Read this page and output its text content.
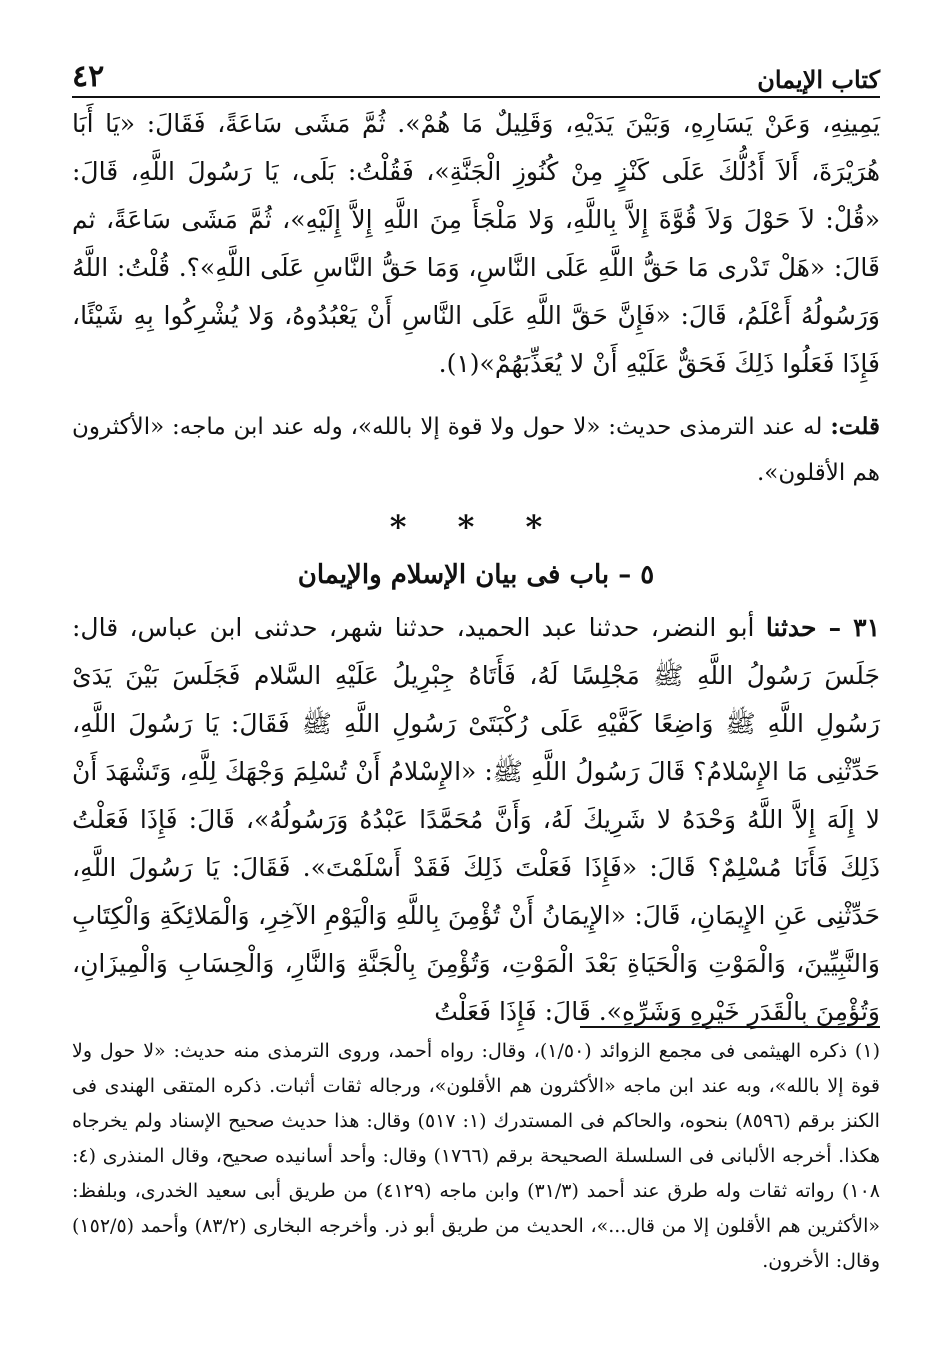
كتاب الإيمان
٤٢
يَمِينِهِ، وَعَنْ يَسَارِهِ، وَبَيْنَ يَدَيْهِ، وَقَلِيلٌ مَا هُمْ». ثُمَّ مَشَى سَاعَةً، فَقَالَ: «يَا أَبَا هُرَيْرَةَ، أَلاَ أَدُلُّكَ عَلَى كَنْزٍ مِنْ كُنُوزِ الْجَنَّةِ»، فَقُلْتُ: بَلَى، يَا رَسُولَ اللَّهِ، قَالَ: «قُلْ: لاَ حَوْلَ وَلاَ قُوَّةَ إِلاَّ بِاللَّهِ، وَلا مَلْجَأَ مِنَ اللَّهِ إِلاَّ إِلَيْهِ»، ثُمَّ مَشَى سَاعَةً، ثم قَالَ: «هَلْ تَدْرى مَا حَقُّ اللَّهِ عَلَى النَّاسِ، وَمَا حَقُّ النَّاسِ عَلَى اللَّهِ»؟. قُلْتُ: اللَّهُ وَرَسُولُهُ أَعْلَمُ، قَالَ: «فَإِنَّ حَقَّ اللَّهِ عَلَى النَّاسِ أَنْ يَعْبُدُوهُ، وَلا يُشْرِكُوا بِهِ شَيْئًا، فَإِذَا فَعَلُوا ذَلِكَ فَحَقٌّ عَلَيْهِ أَنْ لا يُعَذِّبَهُمْ»(١).
قلت: له عند الترمذى حديث: «لا حول ولا قوة إلا بالله»، وله عند ابن ماجه: «الأكثرون هم الأقلون».
* * *
٥ – باب فى بيان الإسلام والإيمان
٣١ – حدثنا أبو النضر، حدثنا عبد الحميد، حدثنا شهر، حدثنى ابن عباس، قال: جَلَسَ رَسُولُ اللَّهِ ﷺ مَجْلِسًا لَهُ، فَأَتَاهُ جِبْرِيلُ عَلَيْهِ السَّلام فَجَلَسَ بَيْنَ يَدَىْ رَسُولِ اللَّهِ ﷺ وَاضِعًا كَفَّيْهِ عَلَى رُكْبَتَىْ رَسُولِ اللَّهِ ﷺ فَقَالَ: يَا رَسُولَ اللَّهِ، حَدِّثْنِى مَا الإِسْلامُ؟ قَالَ رَسُولُ اللَّهِ ﷺ: «الإِسْلامُ أَنْ تُسْلِمَ وَجْهَكَ لِلَّهِ، وَتَشْهَدَ أَنْ لا إِلَهَ إِلاَّ اللَّهُ وَحْدَهُ لا شَرِيكَ لَهُ، وَأَنَّ مُحَمَّدًا عَبْدُهُ وَرَسُولُهُ»، قَالَ: فَإِذَا فَعَلْتُ ذَلِكَ فَأَنَا مُسْلِمٌ؟ قَالَ: «فَإِذَا فَعَلْتَ ذَلِكَ فَقَدْ أَسْلَمْتَ». فَقَالَ: يَا رَسُولَ اللَّهِ، حَدِّثْنِى عَنِ الإِيمَانِ، قَالَ: «الإِيمَانُ أَنْ تُؤْمِنَ بِاللَّهِ وَالْيَوْمِ الآخِرِ، وَالْمَلائِكَةِ وَالْكِتَابِ وَالنَّبِيِّينَ، وَالْمَوْتِ وَالْحَيَاةِ بَعْدَ الْمَوْتِ، وَتُؤْمِنَ بِالْجَنَّةِ وَالنَّارِ، وَالْحِسَابِ وَالْمِيزَانِ، وَتُؤْمِنَ بِالْقَدَرِ خَيْرِهِ وَشَرِّهِ». قَالَ: فَإِذَا فَعَلْتُ
(١) ذكره الهيثمى فى مجمع الزوائد (١/٥٠)، وقال: رواه أحمد، وروى الترمذى منه حديث: «لا حول ولا قوة إلا بالله»، وبه عند ابن ماجه «الأكثرون هم الأقلون»، ورجاله ثقات أثبات. ذكره المتقى الهندى فى الكنز برقم (٨٥٩٦) بنحوه، والحاكم فى المستدرك (١: ٥١٧) وقال: هذا حديث صحيح الإسناد ولم يخرجاه هكذا. أخرجه الألبانى فى السلسلة الصحيحة برقم (١٧٦٦) وقال: وأحد أسانيده صحيح، وقال المنذرى (٤: ١٠٨) رواته ثقات وله طرق عند أحمد (٣١/٣) وابن ماجه (٤١٢٩) من طريق أبى سعيد الخدرى، وبلفظ: «الأكثرين هم الأقلون إلا من قال...»، الحديث من طريق أبو ذر. وأخرجه البخارى (٨٣/٢) وأحمد (١٥٢/٥) وقال: الأخرون.
